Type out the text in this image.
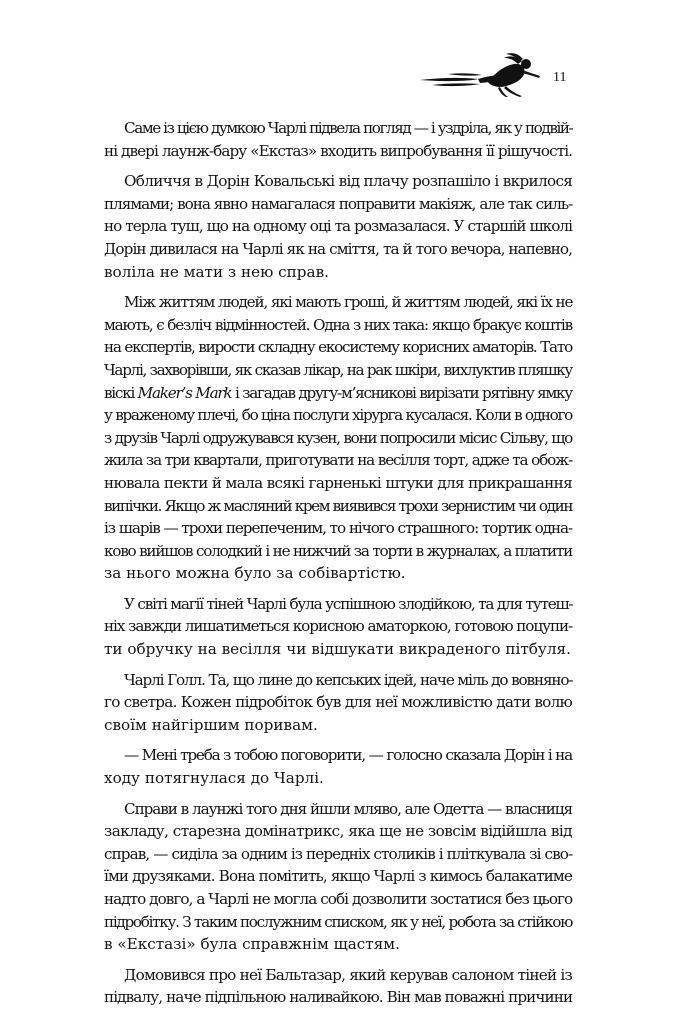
11

Саме із цією думкою Чарлі підвела погляд — і уздріла, як у подвій-
ні двері лаунж-бару «Екстаз» входить випробування її рішучості.

Обличчя в Дорін Ковальські від плачу розпашіло і вкрилося
плямами; вона явно намагалася поправити макіяж, але так силь-
но терла туш, що на одному оці та розмазалася. У старшій школі
Дорін дивилася на Чарлі як на сміття, та й того вечора, напевно,
воліла не мати з нею справ.

Між життям людей, які мають гроші, й життям людей, які їх не
мають, є безліч відмінностей. Одна з них така: якщо бракує коштів
на експертів, вирости складну екосистему корисних аматорів. Тато
Чарлі, захворівши, як сказав лікар, на рак шкіри, вихлуктив пляшку
віскі Maker’s Mark і загадав другу-м’яcникові вирізати рятівну ямку
у враженому плечі, бо ціна послуги хірурга кусалася. Коли в одного
з друзів Чарлі одружувався кузен, вони попросили місис Сільву, що
жила за три квартали, приготувати на весілля торт, адже та обож-
нювала пекти й мала всякі гарненькі штуки для прикрашання
випічки. Якщо ж масляний крем виявився трохи зернистим чи один
із шарів — трохи перепеченим, то нічого страшного: тортик одна-
ково вийшов солодкий і не нижчий за торти в журналах, а платити
за нього можна було за собівартістю.

У світі магії тіней Чарлі була успішною злодійкою, та для тутеш-
ніх завжди лишатиметься корисною аматоркою, готовою поцупи-
ти обручку на весілля чи відшукати викраденого пітбуля.

Чарлі Голл. Та, що лине до кепських ідей, наче міль до вовняно-
го светра. Кожен підробіток був для неї можливістю дати волю
своїм найгіршим поривам.

— Мені треба з тобою поговорити, — голосно сказала Дорін і на
ходу потягнулася до Чарлі.

Справи в лаунжі того дня йшли мляво, але Одетта — власниця
закладу, старезна домінатрикс, яка ще не зовсім відійшла від
справ, — сиділа за одним із передніх столиків і пліткувала зі сво-
їми друзяками. Вона помітить, якщо Чарлі з кимось балакатиме
надто довго, а Чарлі не могла собі дозволити зостатися без цього
підробітку. З таким послужним списком, як у неї, робота за стійкою
в «Екстазі» була справжнім щастям.

Домовився про неї Бальтазар, який керував салоном тіней із
підвалу, наче підпільною наливайкою. Він мав поважні причини
